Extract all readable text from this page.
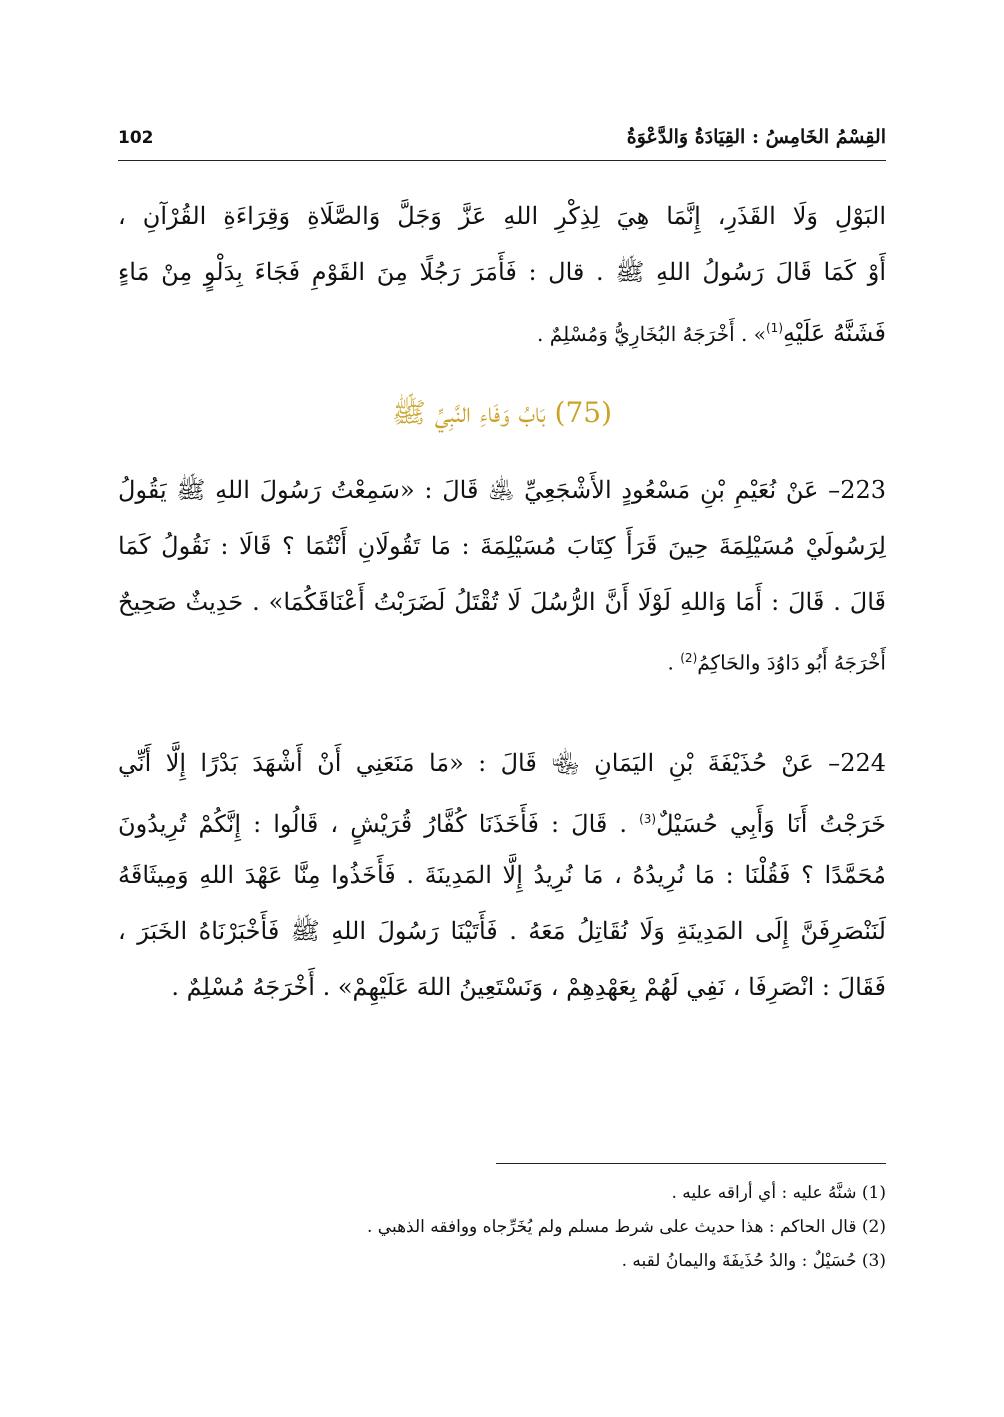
القِسْمُ الخَامِسُ : القِيَادَةُ وَالدَّعْوَةُ
102
البَوْلِ وَلَا القَذَرِ، إِنَّمَا هِيَ لِذِكْرِ اللهِ عَزَّ وَجَلَّ وَالصَّلَاةِ وَقِرَاءَةِ القُرْآنِ ،
أَوْ كَمَا قَالَ رَسُولُ اللهِ ﷺ . قال : فَأَمَرَ رَجُلًا مِنَ القَوْمِ فَجَاءَ بِدَلْوٍ مِنْ مَاءٍ
فَشَنَّهُ عَلَيْهِ$^{(1)}$» . أَخْرَجَهُ البُخَارِيُّ وَمُسْلِمٌ .
(75) بَابُ وَفَاءِ النَّبِيِّ ﷺ
223– عَنْ نُعَيْمِ بْنِ مَسْعُودٍ الأَشْجَعِيِّ ﵁ قَالَ : «سَمِعْتُ رَسُولَ اللهِ ﷺ يَقُولُ
لِرَسُولَيْ مُسَيْلِمَةَ حِينَ قَرَأَ كِتَابَ مُسَيْلِمَةَ : مَا تَقُولَانِ أَنْتُمَا ؟ قَالَا : نَقُولُ كَمَا
قَالَ . قَالَ : أَمَا وَاللهِ لَوْلَا أَنَّ الرُّسُلَ لَا تُقْتَلُ لَضَرَبْتُ أَعْنَاقَكُمَا» . حَدِيثٌ صَحِيحٌ
أَخْرَجَهُ أَبُو دَاوُدَ والحَاكِمُ$^{(2)}$ .
224– عَنْ حُذَيْفَةَ بْنِ اليَمَانِ ﵄ قَالَ : «مَا مَنَعَنِي أَنْ أَشْهَدَ بَدْرًا إِلَّا أَنِّي
خَرَجْتُ أَنَا وَأَبِي حُسَيْلٌ$^{(3)}$ . قَالَ : فَأَخَذَنَا كُفَّارُ قُرَيْشٍ ، قَالُوا : إِنَّكُمْ تُرِيدُونَ
مُحَمَّدًا ؟ فَقُلْنَا : مَا نُرِيدُهُ ، مَا نُرِيدُ إِلَّا المَدِينَةَ . فَأَخَذُوا مِنَّا عَهْدَ اللهِ وَمِيثَاقَهُ
لَنَنْصَرِفَنَّ إِلَى المَدِينَةِ وَلَا نُقَاتِلُ مَعَهُ . فَأَتَيْنَا رَسُولَ اللهِ ﷺ فَأَخْبَرْنَاهُ الخَبَرَ ،
فَقَالَ : انْصَرِفَا ، نَفِي لَهُمْ بِعَهْدِهِمْ ، وَنَسْتَعِينُ اللهَ عَلَيْهِمْ» . أَخْرَجَهُ مُسْلِمٌ .
(1) شنَّهُ عليه : أي أراقه عليه .
(2) قال الحاكم : هذا حديث على شرط مسلم ولم يُخَرِّجاه ووافقه الذهبي .
(3) حُسَيْلٌ : والدُ حُذَيفَةَ واليمانُ لقبه .
